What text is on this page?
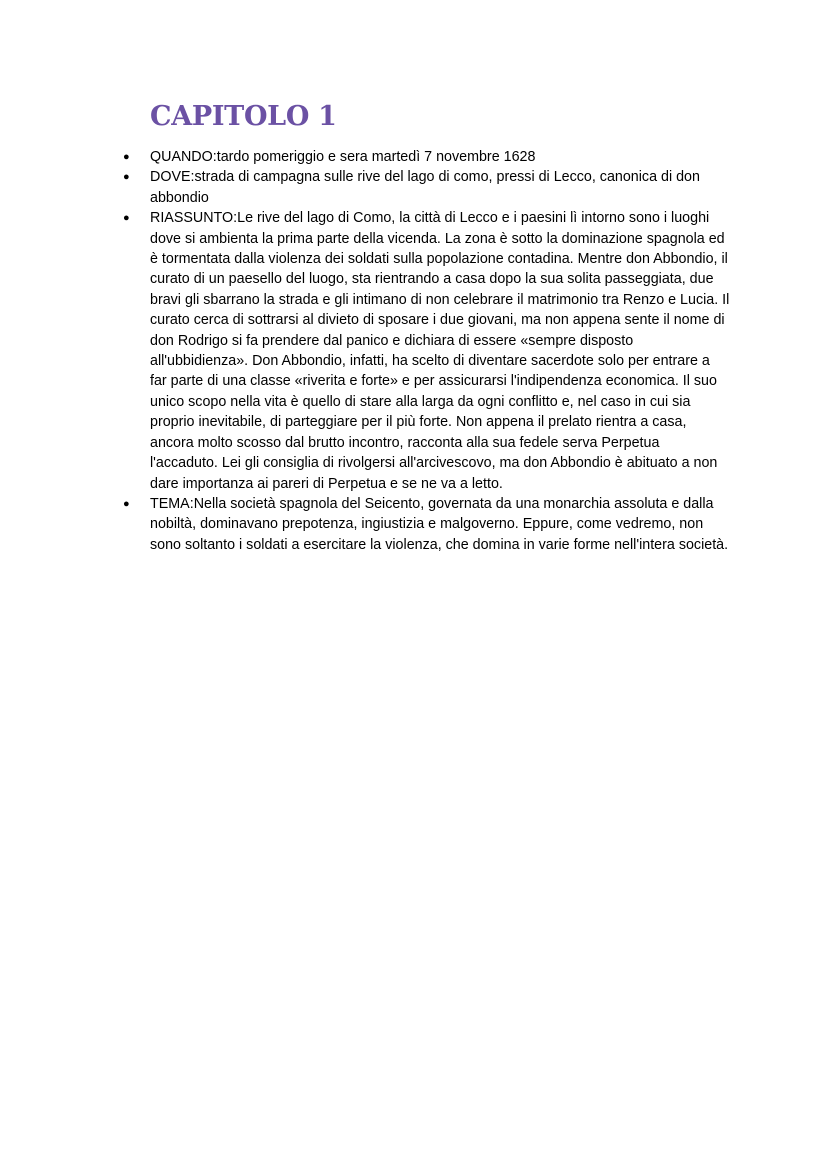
CAPITOLO 1
● QUANDO:tardo pomeriggio e sera martedì 7 novembre 1628
● DOVE:strada di campagna sulle rive del lago di como, pressi di Lecco, canonica di don abbondio
● RIASSUNTO:Le rive del lago di Como, la città di Lecco e i paesini lì intorno sono i luoghi dove si ambienta la prima parte della vicenda. La zona è sotto la dominazione spagnola ed è tormentata dalla violenza dei soldati sulla popolazione contadina. Mentre don Abbondio, il curato di un paesello del luogo, sta rientrando a casa dopo la sua solita passeggiata, due bravi gli sbarrano la strada e gli intimano di non celebrare il matrimonio tra Renzo e Lucia. Il curato cerca di sottrarsi al divieto di sposare i due giovani, ma non appena sente il nome di don Rodrigo si fa prendere dal panico e dichiara di essere «sempre disposto all'ubbidienza». Don Abbondio, infatti, ha scelto di diventare sacerdote solo per entrare a far parte di una classe «riverita e forte» e per assicurarsi l'indipendenza economica. Il suo unico scopo nella vita è quello di stare alla larga da ogni conflitto e, nel caso in cui sia proprio inevitabile, di parteggiare per il più forte. Non appena il prelato rientra a casa, ancora molto scosso dal brutto incontro, racconta alla sua fedele serva Perpetua l'accaduto. Lei gli consiglia di rivolgersi all'arcivescovo, ma don Abbondio è abituato a non dare importanza ai pareri di Perpetua e se ne va a letto.
● TEMA:Nella società spagnola del Seicento, governata da una monarchia assoluta e dalla nobiltà, dominavano prepotenza, ingiustizia e malgoverno. Eppure, come vedremo, non sono soltanto i soldati a esercitare la violenza, che domina in varie forme nell'intera società.
